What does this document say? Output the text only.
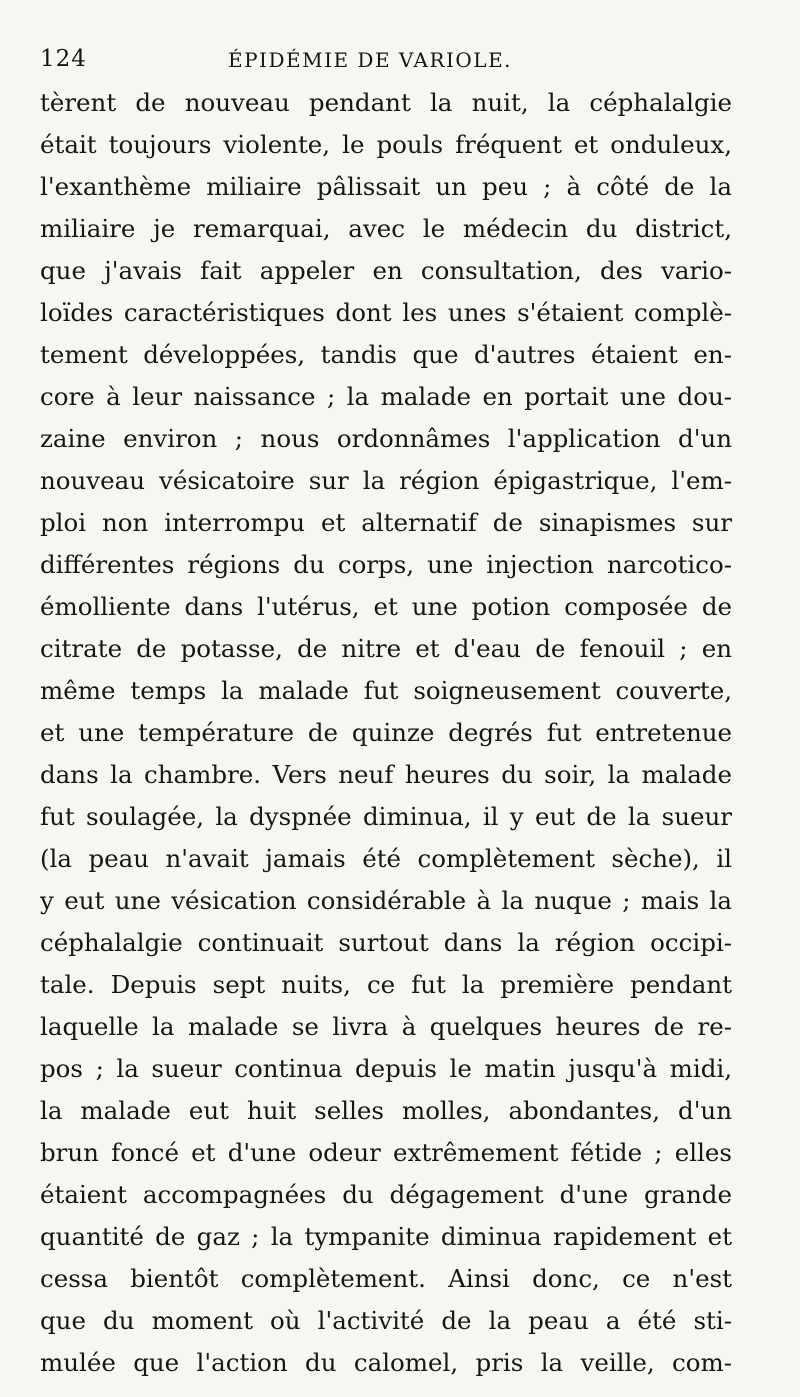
124	ÉPIDÉMIE DE VARIOLE.
tèrent de nouveau pendant la nuit, la céphalalgie
était toujours violente, le pouls fréquent et onduleux,
l'exanthème miliaire pâlissait un peu ; à côté de la
miliaire je remarquai, avec le médecin du district,
que j'avais fait appeler en consultation, des vario-
loïdes caractéristiques dont les unes s'étaient complè-
tement développées, tandis que d'autres étaient en-
core à leur naissance ; la malade en portait une dou-
zaine environ ; nous ordonnâmes l'application d'un
nouveau vésicatoire sur la région épigastrique, l'em-
ploi non interrompu et alternatif de sinapismes sur
différentes régions du corps, une injection narcotico-
émolliente dans l'utérus, et une potion composée de
citrate de potasse, de nitre et d'eau de fenouil ; en
même temps la malade fut soigneusement couverte,
et une température de quinze degrés fut entretenue
dans la chambre. Vers neuf heures du soir, la malade
fut soulagée, la dyspnée diminua, il y eut de la sueur
(la peau n'avait jamais été complètement sèche), il
y eut une vésication considérable à la nuque ; mais la
céphalalgie continuait surtout dans la région occipi-
tale. Depuis sept nuits, ce fut la première pendant
laquelle la malade se livra à quelques heures de re-
pos ; la sueur continua depuis le matin jusqu'à midi,
la malade eut huit selles molles, abondantes, d'un
brun foncé et d'une odeur extrêmement fétide ; elles
étaient accompagnées du dégagement d'une grande
quantité de gaz ; la tympanite diminua rapidement et
cessa bientôt complètement. Ainsi donc, ce n'est
que du moment où l'activité de la peau a été sti-
mulée que l'action du calomel, pris la veille, com-
